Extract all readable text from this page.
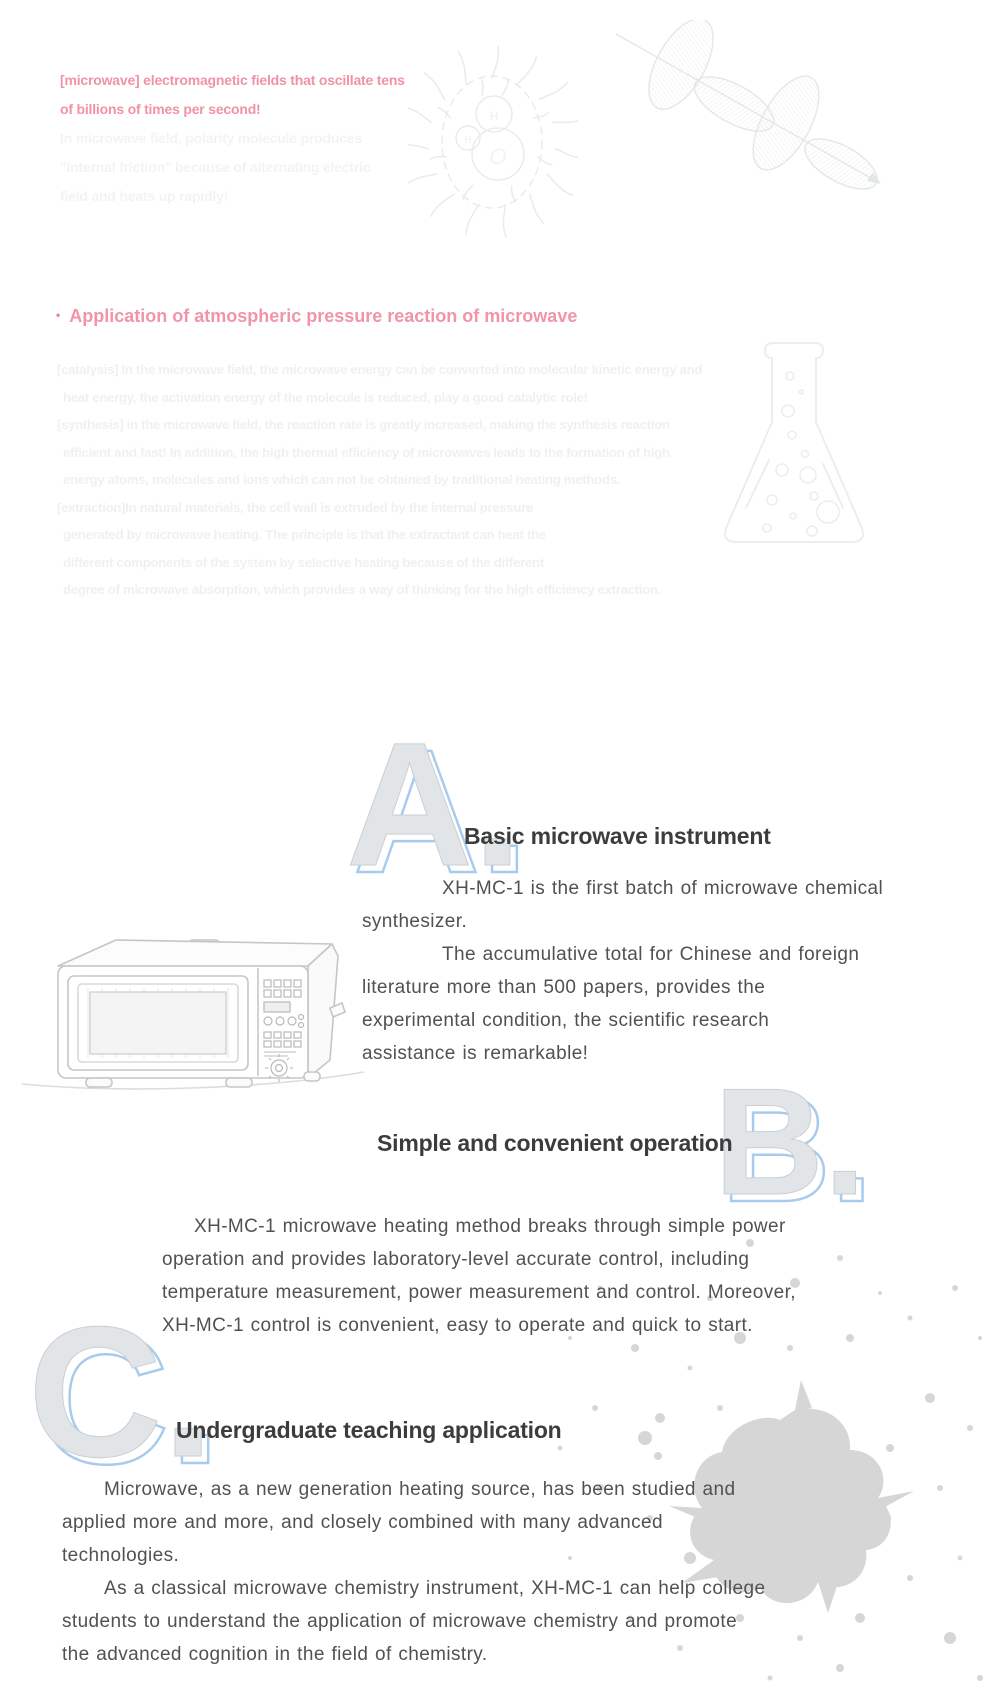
[microwave] electromagnetic fields that oscillate tens
of billions of times per second!
In microwave field, polarity molecule produces
"internal friction" because of alternating electric
field and heats up rapidly!
H
H
O
• Application of atmospheric pressure reaction of microwave
[catalysis] In the microwave field, the microwave energy can be converted into molecular kinetic energy and
heat energy, the activation energy of the molecule is reduced, play a good catalytic role!
[synthesis] in the microwave field, the reaction rate is greatly increased, making the synthesis reaction
efficient and fast! In addition, the high thermal efficiency of microwaves leads to the formation of high
energy atoms, molecules and ions which can not be obtained by traditional heating methods.
[extraction]In natural materials, the cell wall is extruded by the internal pressure
generated by microwave heating. The principle is that the extractant can heat the
different components of the system by selective heating because of the different
degree of microwave absorption, which provides a way of thinking for the high efficiency extraction.
A. A.
Basic microwave instrument
XH-MC-1 is the first batch of microwave chemical
synthesizer.
The accumulative total for Chinese and foreign
literature more than 500 papers, provides the
experimental condition, the scientific research
assistance is remarkable!
B. B.
Simple and convenient operation
XH-MC-1 microwave heating method breaks through simple power
operation and provides laboratory-level accurate control, including
temperature measurement, power measurement and control. Moreover,
XH-MC-1 control is convenient, easy to operate and quick to start.
C. C.
Undergraduate teaching application
Microwave, as a new generation heating source, has been studied and
applied more and more, and closely combined with many advanced
technologies.
As a classical microwave chemistry instrument, XH-MC-1 can help college
students to understand the application of microwave chemistry and promote
the advanced cognition in the field of chemistry.
